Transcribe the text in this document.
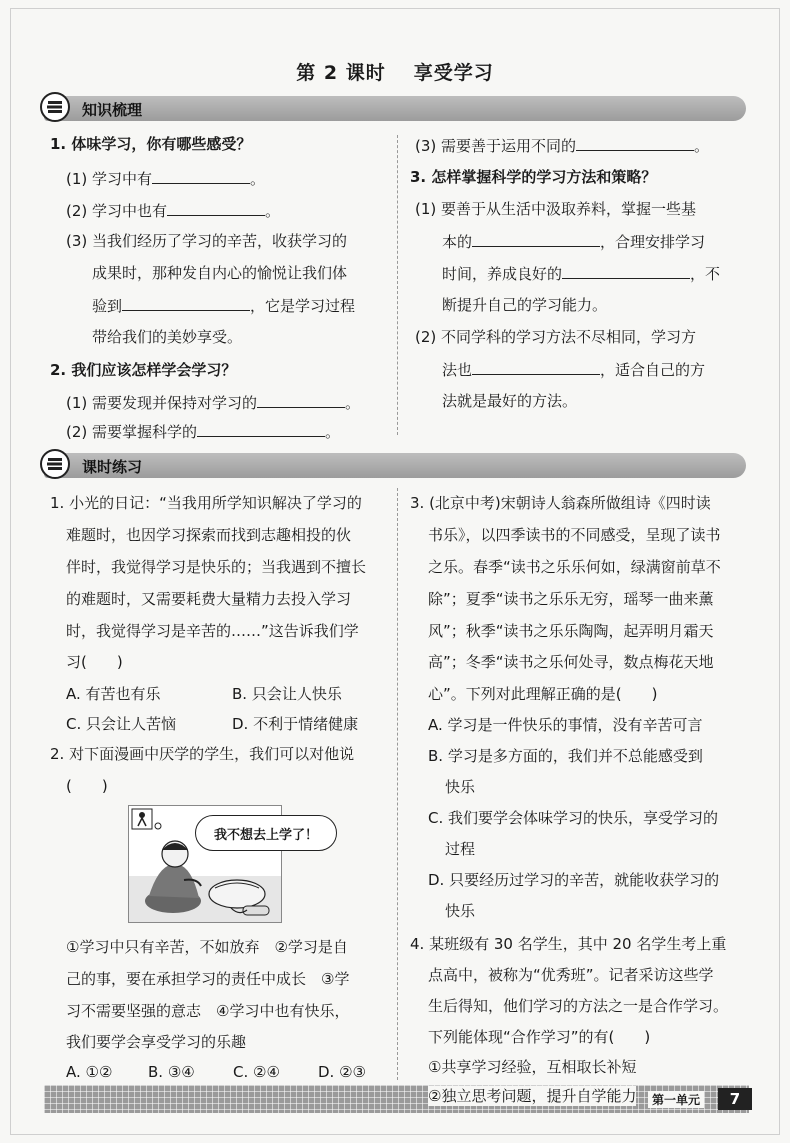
第 2 课时 享受学习
知识梳理
1. 体味学习，你有哪些感受？
(1) 学习中有	。
(2) 学习中也有	。
(3) 当我们经历了学习的辛苦，收获学习的
成果时，那种发自内心的愉悦让我们体
验到	，它是学习过程
带给我们的美妙享受。
2. 我们应该怎样学会学习？
(1) 需要发现并保持对学习的	。
(2) 需要掌握科学的	。
(3) 需要善于运用不同的	。
3. 怎样掌握科学的学习方法和策略？
(1) 要善于从生活中汲取养料，掌握一些基
本的	，合理安排学习
时间，养成良好的	，不
断提升自己的学习能力。
(2) 不同学科的学习方法不尽相同，学习方
法也	，适合自己的方
法就是最好的方法。
课时练习
1. 小光的日记：“当我用所学知识解决了学习的
难题时，也因学习探索而找到志趣相投的伙
伴时，我觉得学习是快乐的；当我遇到不擅长
的难题时，又需要耗费大量精力去投入学习
时，我觉得学习是辛苦的……”这告诉我们学
习(　　)
A. 有苦也有乐	B. 只会让人快乐
C. 只会让人苦恼	D. 不利于情绪健康
2. 对下面漫画中厌学的学生，我们可以对他说
(　　)
我不想去上学了！
①学习中只有辛苦，不如放弃　②学习是自
己的事，要在承担学习的责任中成长　③学
习不需要坚强的意志　④学习中也有快乐，
我们要学会享受学习的乐趣
A. ①② B. ③④	C. ②④	D. ②③
3. (北京中考)宋朝诗人翁森所做组诗《四时读
书乐》，以四季读书的不同感受，呈现了读书
之乐。春季“读书之乐乐何如，绿满窗前草不
除”；夏季“读书之乐乐无穷，瑶琴一曲来薰
风”；秋季“读书之乐乐陶陶，起弄明月霜天
高”；冬季“读书之乐何处寻，数点梅花天地
心”。下列对此理解正确的是(　　)
A. 学习是一件快乐的事情，没有辛苦可言
B. 学习是多方面的，我们并不总能感受到
快乐
C. 我们要学会体味学习的快乐，享受学习的
过程
D. 只要经历过学习的辛苦，就能收获学习的
快乐
4. 某班级有 30 名学生，其中 20 名学生考上重
点高中，被称为“优秀班”。记者采访这些学
生后得知，他们学习的方法之一是合作学习。
下列能体现“合作学习”的有(　　)
①共享学习经验，互相取长补短
②独立思考问题，提升自学能力	第一单元	7
